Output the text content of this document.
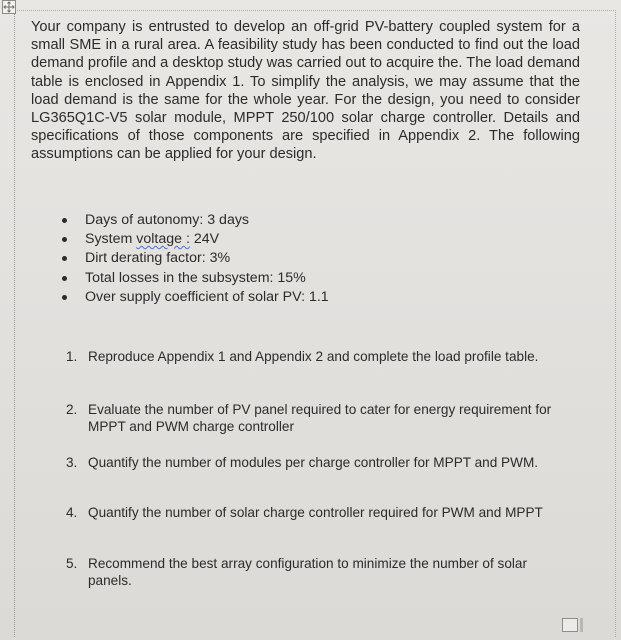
Your company is entrusted to develop an off-grid PV-battery coupled system for a small SME in a rural area. A feasibility study has been conducted to find out the load demand profile and a desktop study was carried out to acquire the. The load demand table is enclosed in Appendix 1. To simplify the analysis, we may assume that the load demand is the same for the whole year. For the design, you need to consider LG365Q1C-V5 solar module, MPPT 250/100 solar charge controller. Details and specifications of those components are specified in Appendix 2. The following assumptions can be applied for your design.

Days of autonomy: 3 days
System voltage : 24V
Dirt derating factor: 3%
Total losses in the subsystem: 15%
Over supply coefficient of solar PV: 1.1
1. Reproduce Appendix 1 and Appendix 2 and complete the load profile table.
2. Evaluate the number of PV panel required to cater for energy requirement for MPPT and PWM charge controller
3. Quantify the number of modules per charge controller for MPPT and PWM.
4. Quantify the number of solar charge controller required for PWM and MPPT
5. Recommend the best array configuration to minimize the number of solar panels.
